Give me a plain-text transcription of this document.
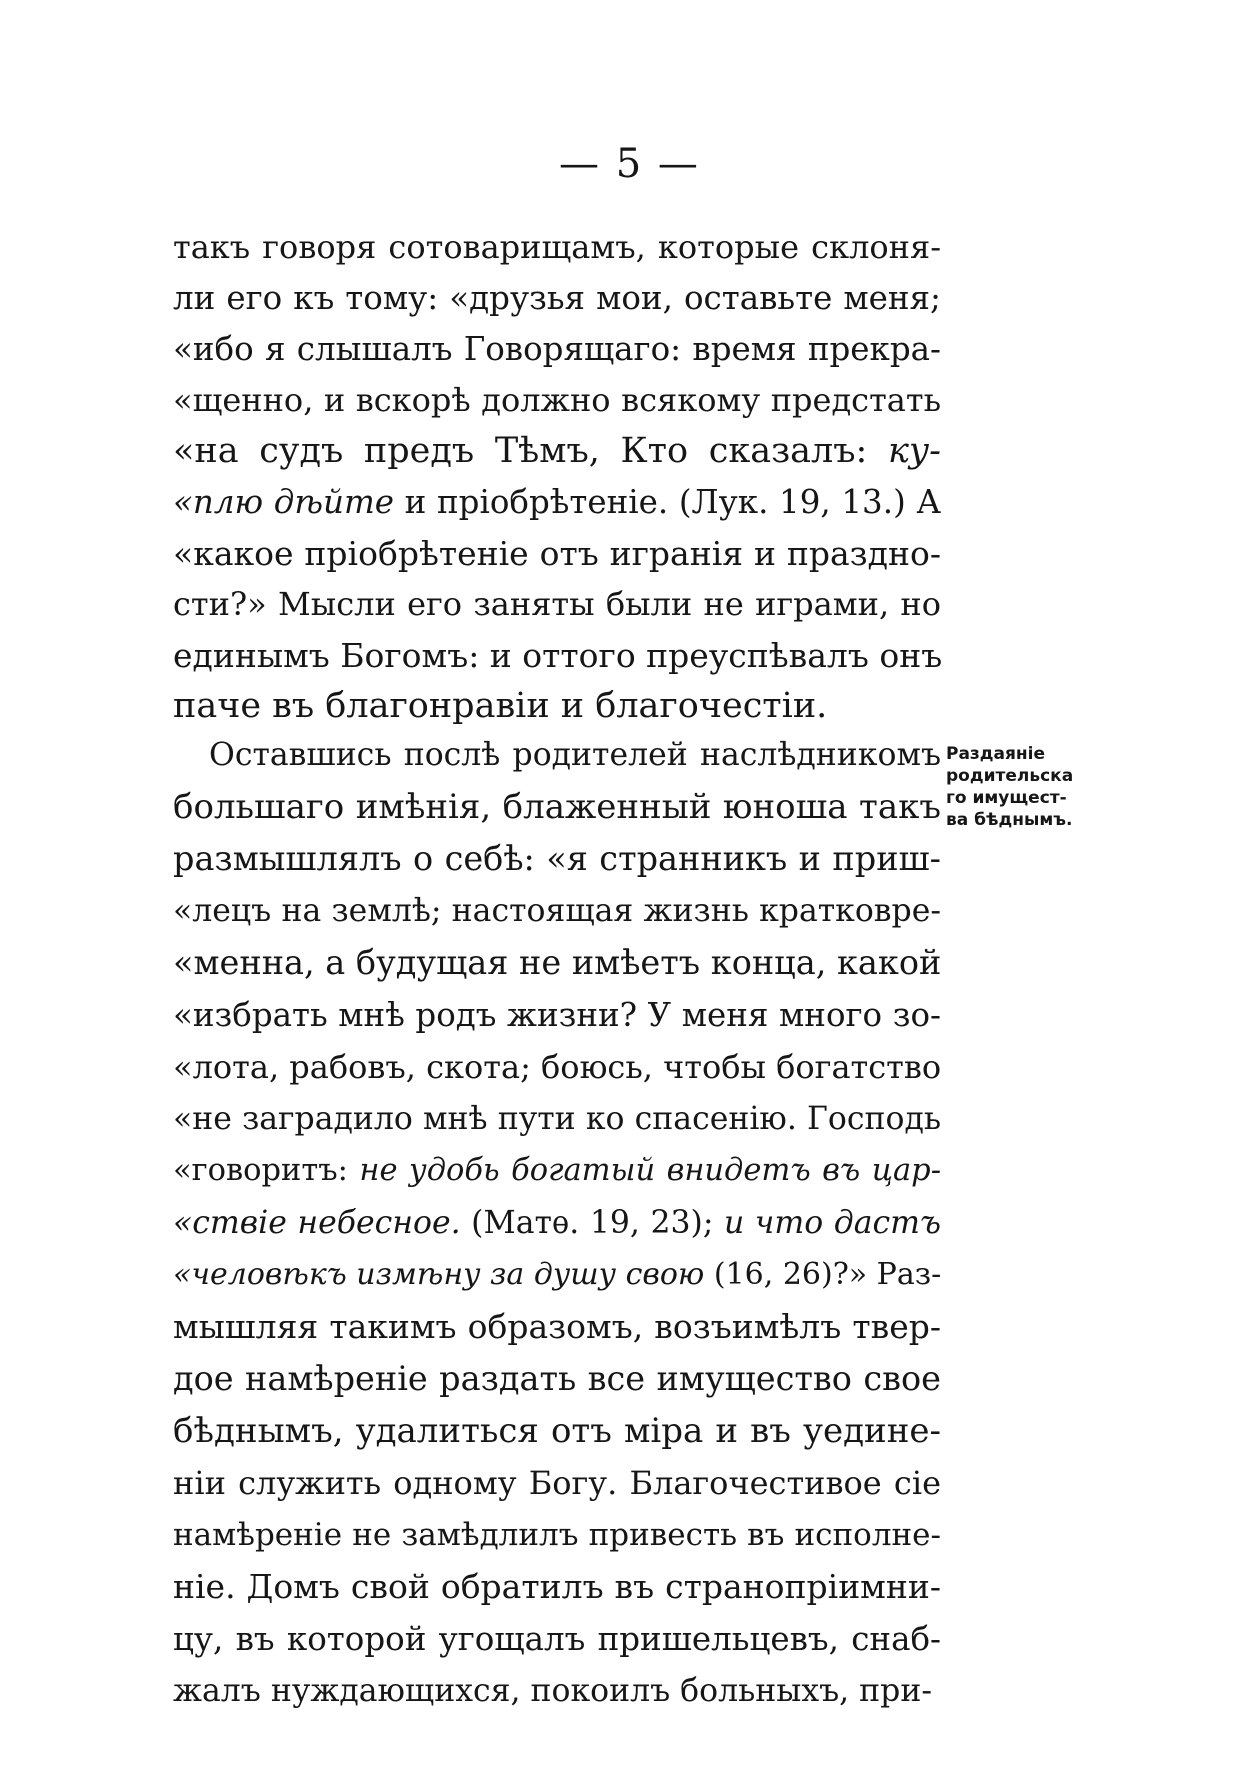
— 5 —
такъ говоря сотоварищамъ, которые склоня-
ли его къ тому: «друзья мои, оставьте меня;
«ибо я слышалъ Говорящаго: время прекра-
«щенно, и вскорѣ должно всякому предстать
«на судъ предъ Тѣмъ, Кто сказалъ: ку-
«плю дѣйте и пріобрѣтеніе. (Лук. 19, 13.) А
«какое пріобрѣтеніе отъ игранія и праздно-
сти?» Мысли его заняты были не играми, но
единымъ Богомъ: и оттого преуспѣвалъ онъ
паче въ благонравіи и благочестіи.
Оставшись послѣ родителей наслѣдникомъ
большаго имѣнія, блаженный юноша такъ
размышлялъ о себѣ: «я странникъ и приш-
«лецъ на землѣ; настоящая жизнь кратковре-
«менна, а будущая не имѣетъ конца, какой
«избрать мнѣ родъ жизни? У меня много зо-
«лота, рабовъ, скота; боюсь, чтобы богатство
«не заградило мнѣ пути ко спасенію. Господь
«говоритъ: не удобь богатый внидетъ въ цар-
«ствіе небесное. (Матѳ. 19, 23); и что дастъ
«человѣкъ измѣну за душу свою (16, 26)?» Раз-
мышляя такимъ образомъ, возъимѣлъ твер-
дое намѣреніе раздать все имущество свое
бѣднымъ, удалиться отъ міра и въ уедине-
ніи служить одному Богу. Благочестивое сіе
намѣреніе не замѣдлилъ привесть въ исполне-
ніе. Домъ свой обратилъ въ странопріимни-
цу, въ которой угощалъ пришельцевъ, снаб-
жалъ нуждающихся, покоилъ больныхъ, при-
Раздаяніе
родительска
го имущест-
ва бѣднымъ.
